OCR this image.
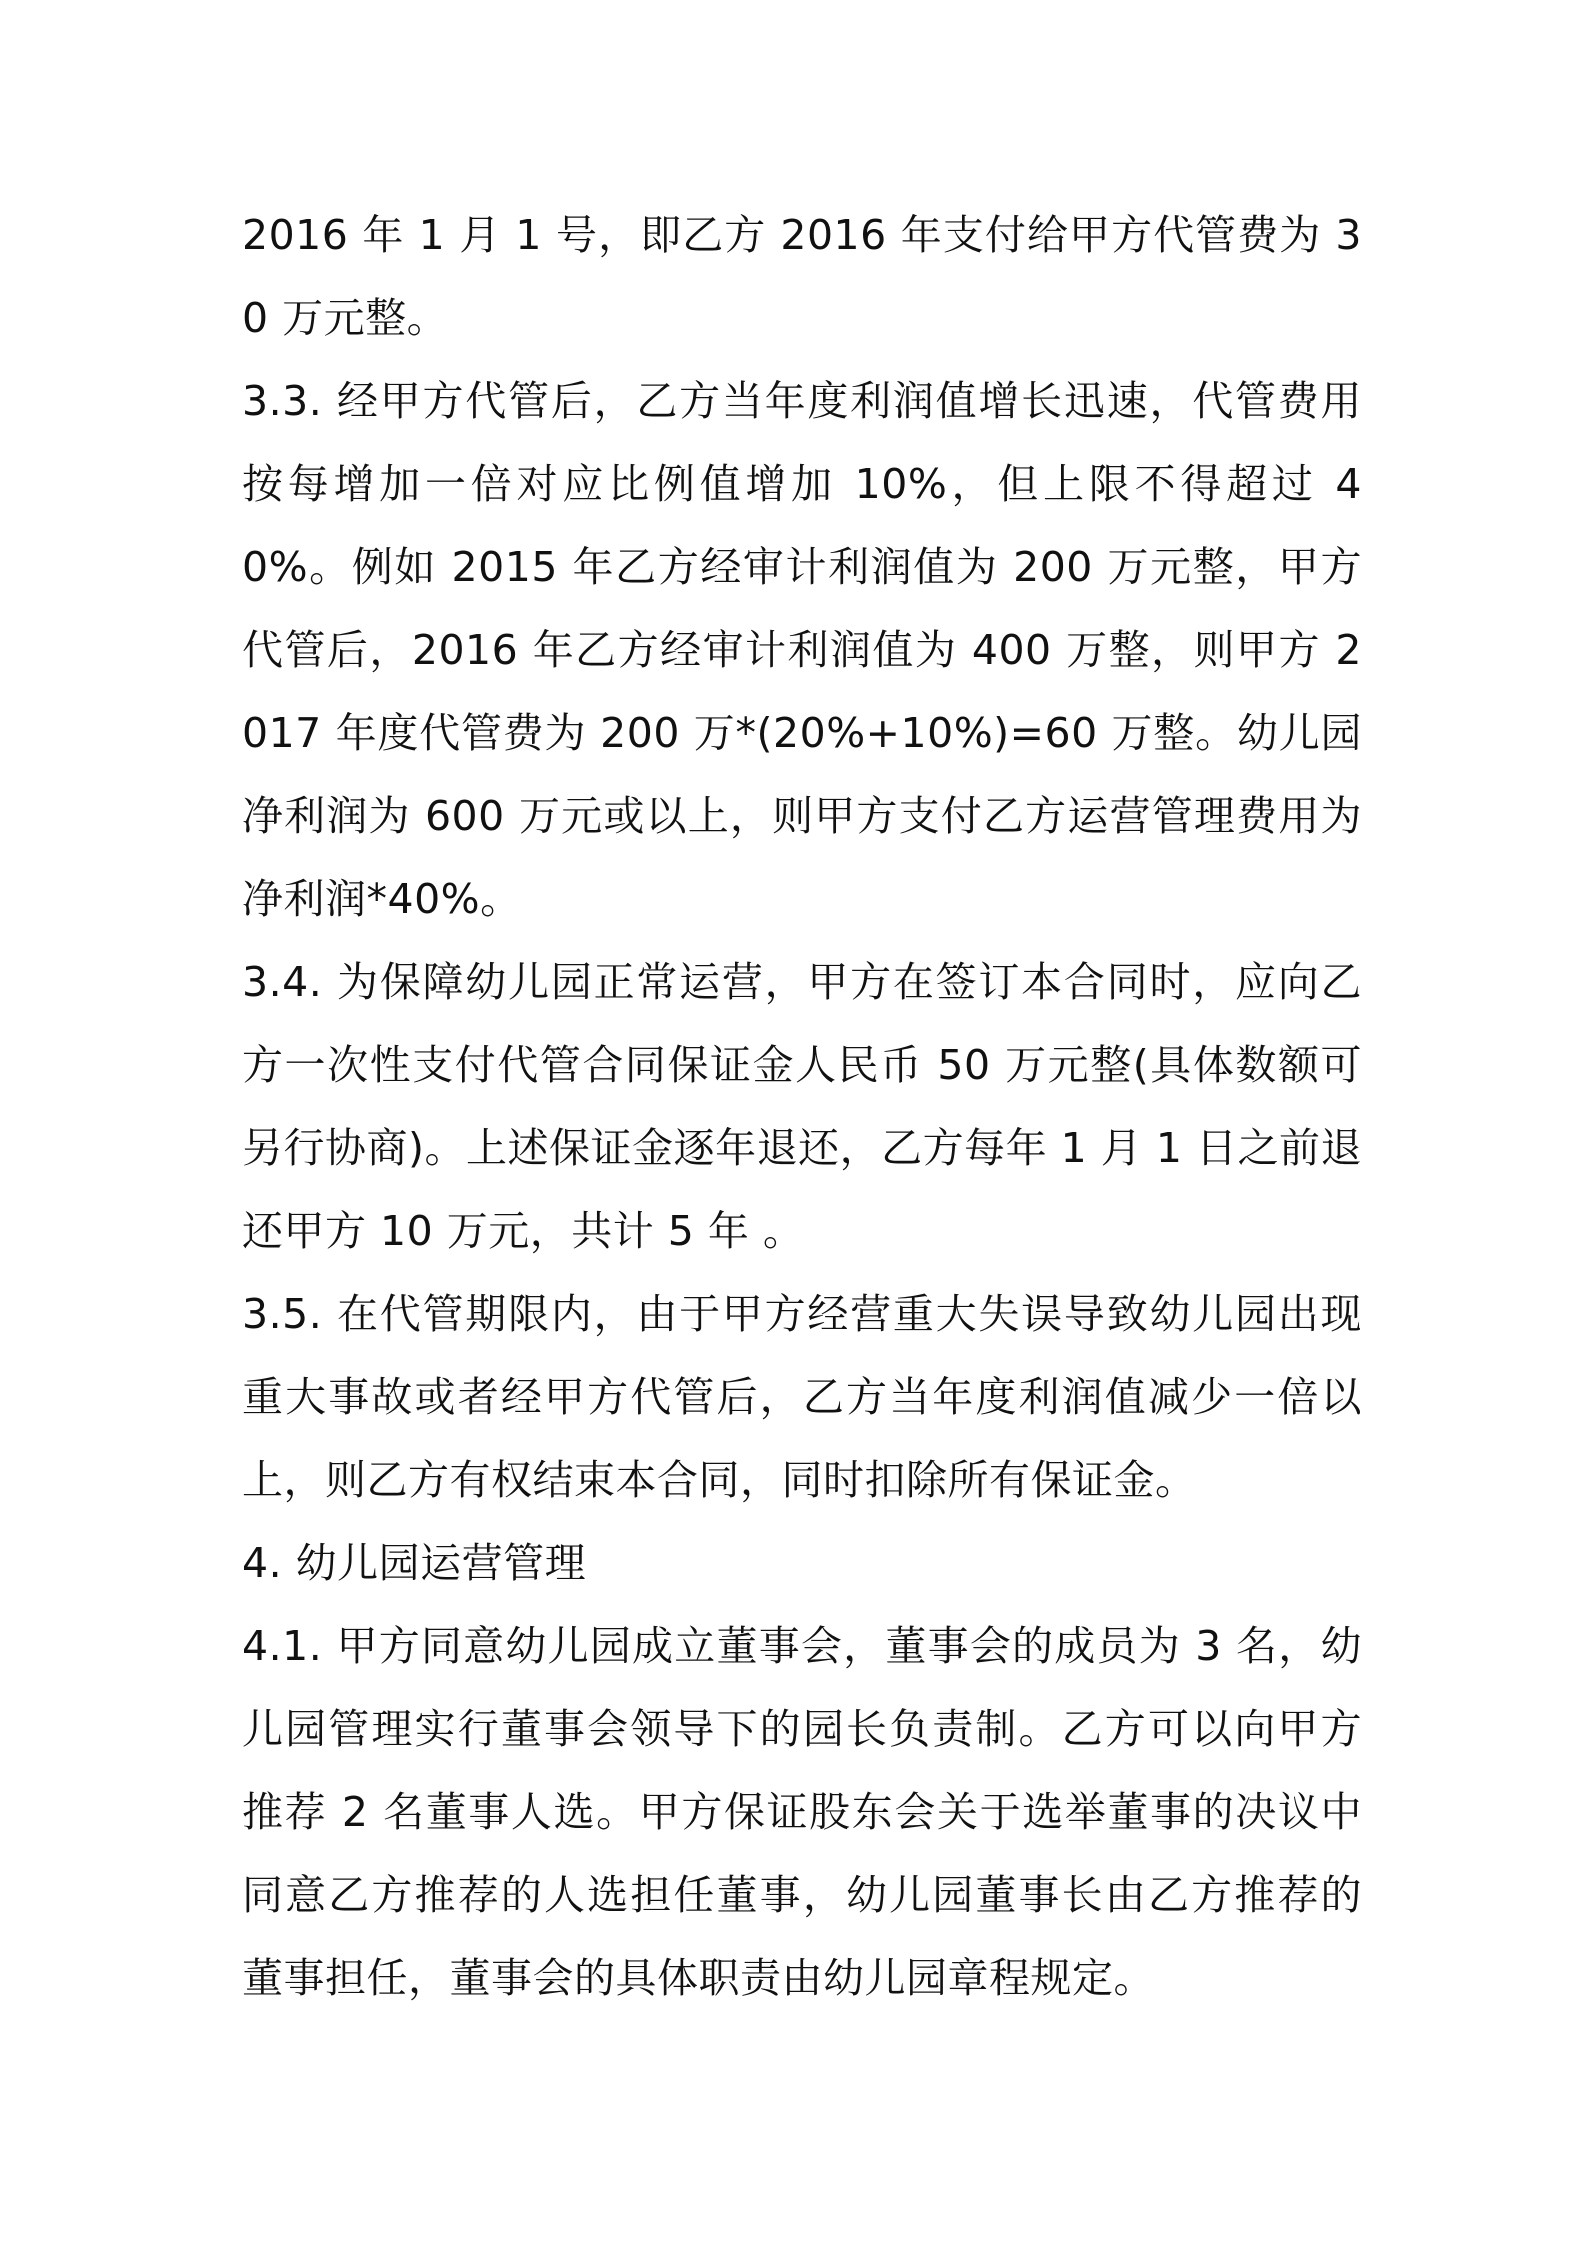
2016 年 1 月 1 号，即乙方 2016 年支付给甲方代管费为 30 万元整。

3.3. 经甲方代管后，乙方当年度利润值增长迅速，代管费用按每增加一倍对应比例值增加 10%，但上限不得超过 40%。例如 2015 年乙方经审计利润值为 200 万元整，甲方代管后，2016 年乙方经审计利润值为 400 万整，则甲方 2017 年度代管费为 200 万*(20%+10%)=60 万整。幼儿园净利润为 600 万元或以上，则甲方支付乙方运营管理费用为净利润*40%。

3.4. 为保障幼儿园正常运营，甲方在签订本合同时，应向乙方一次性支付代管合同保证金人民币 50 万元整(具体数额可另行协商)。上述保证金逐年退还，乙方每年 1 月 1 日之前退还甲方 10 万元，共计 5 年 。

3.5. 在代管期限内，由于甲方经营重大失误导致幼儿园出现重大事故或者经甲方代管后，乙方当年度利润值减少一倍以上，则乙方有权结束本合同，同时扣除所有保证金。

4. 幼儿园运营管理

4.1. 甲方同意幼儿园成立董事会，董事会的成员为 3 名，幼儿园管理实行董事会领导下的园长负责制。乙方可以向甲方推荐 2 名董事人选。甲方保证股东会关于选举董事的决议中同意乙方推荐的人选担任董事，幼儿园董事长由乙方推荐的董事担任，董事会的具体职责由幼儿园章程规定。
